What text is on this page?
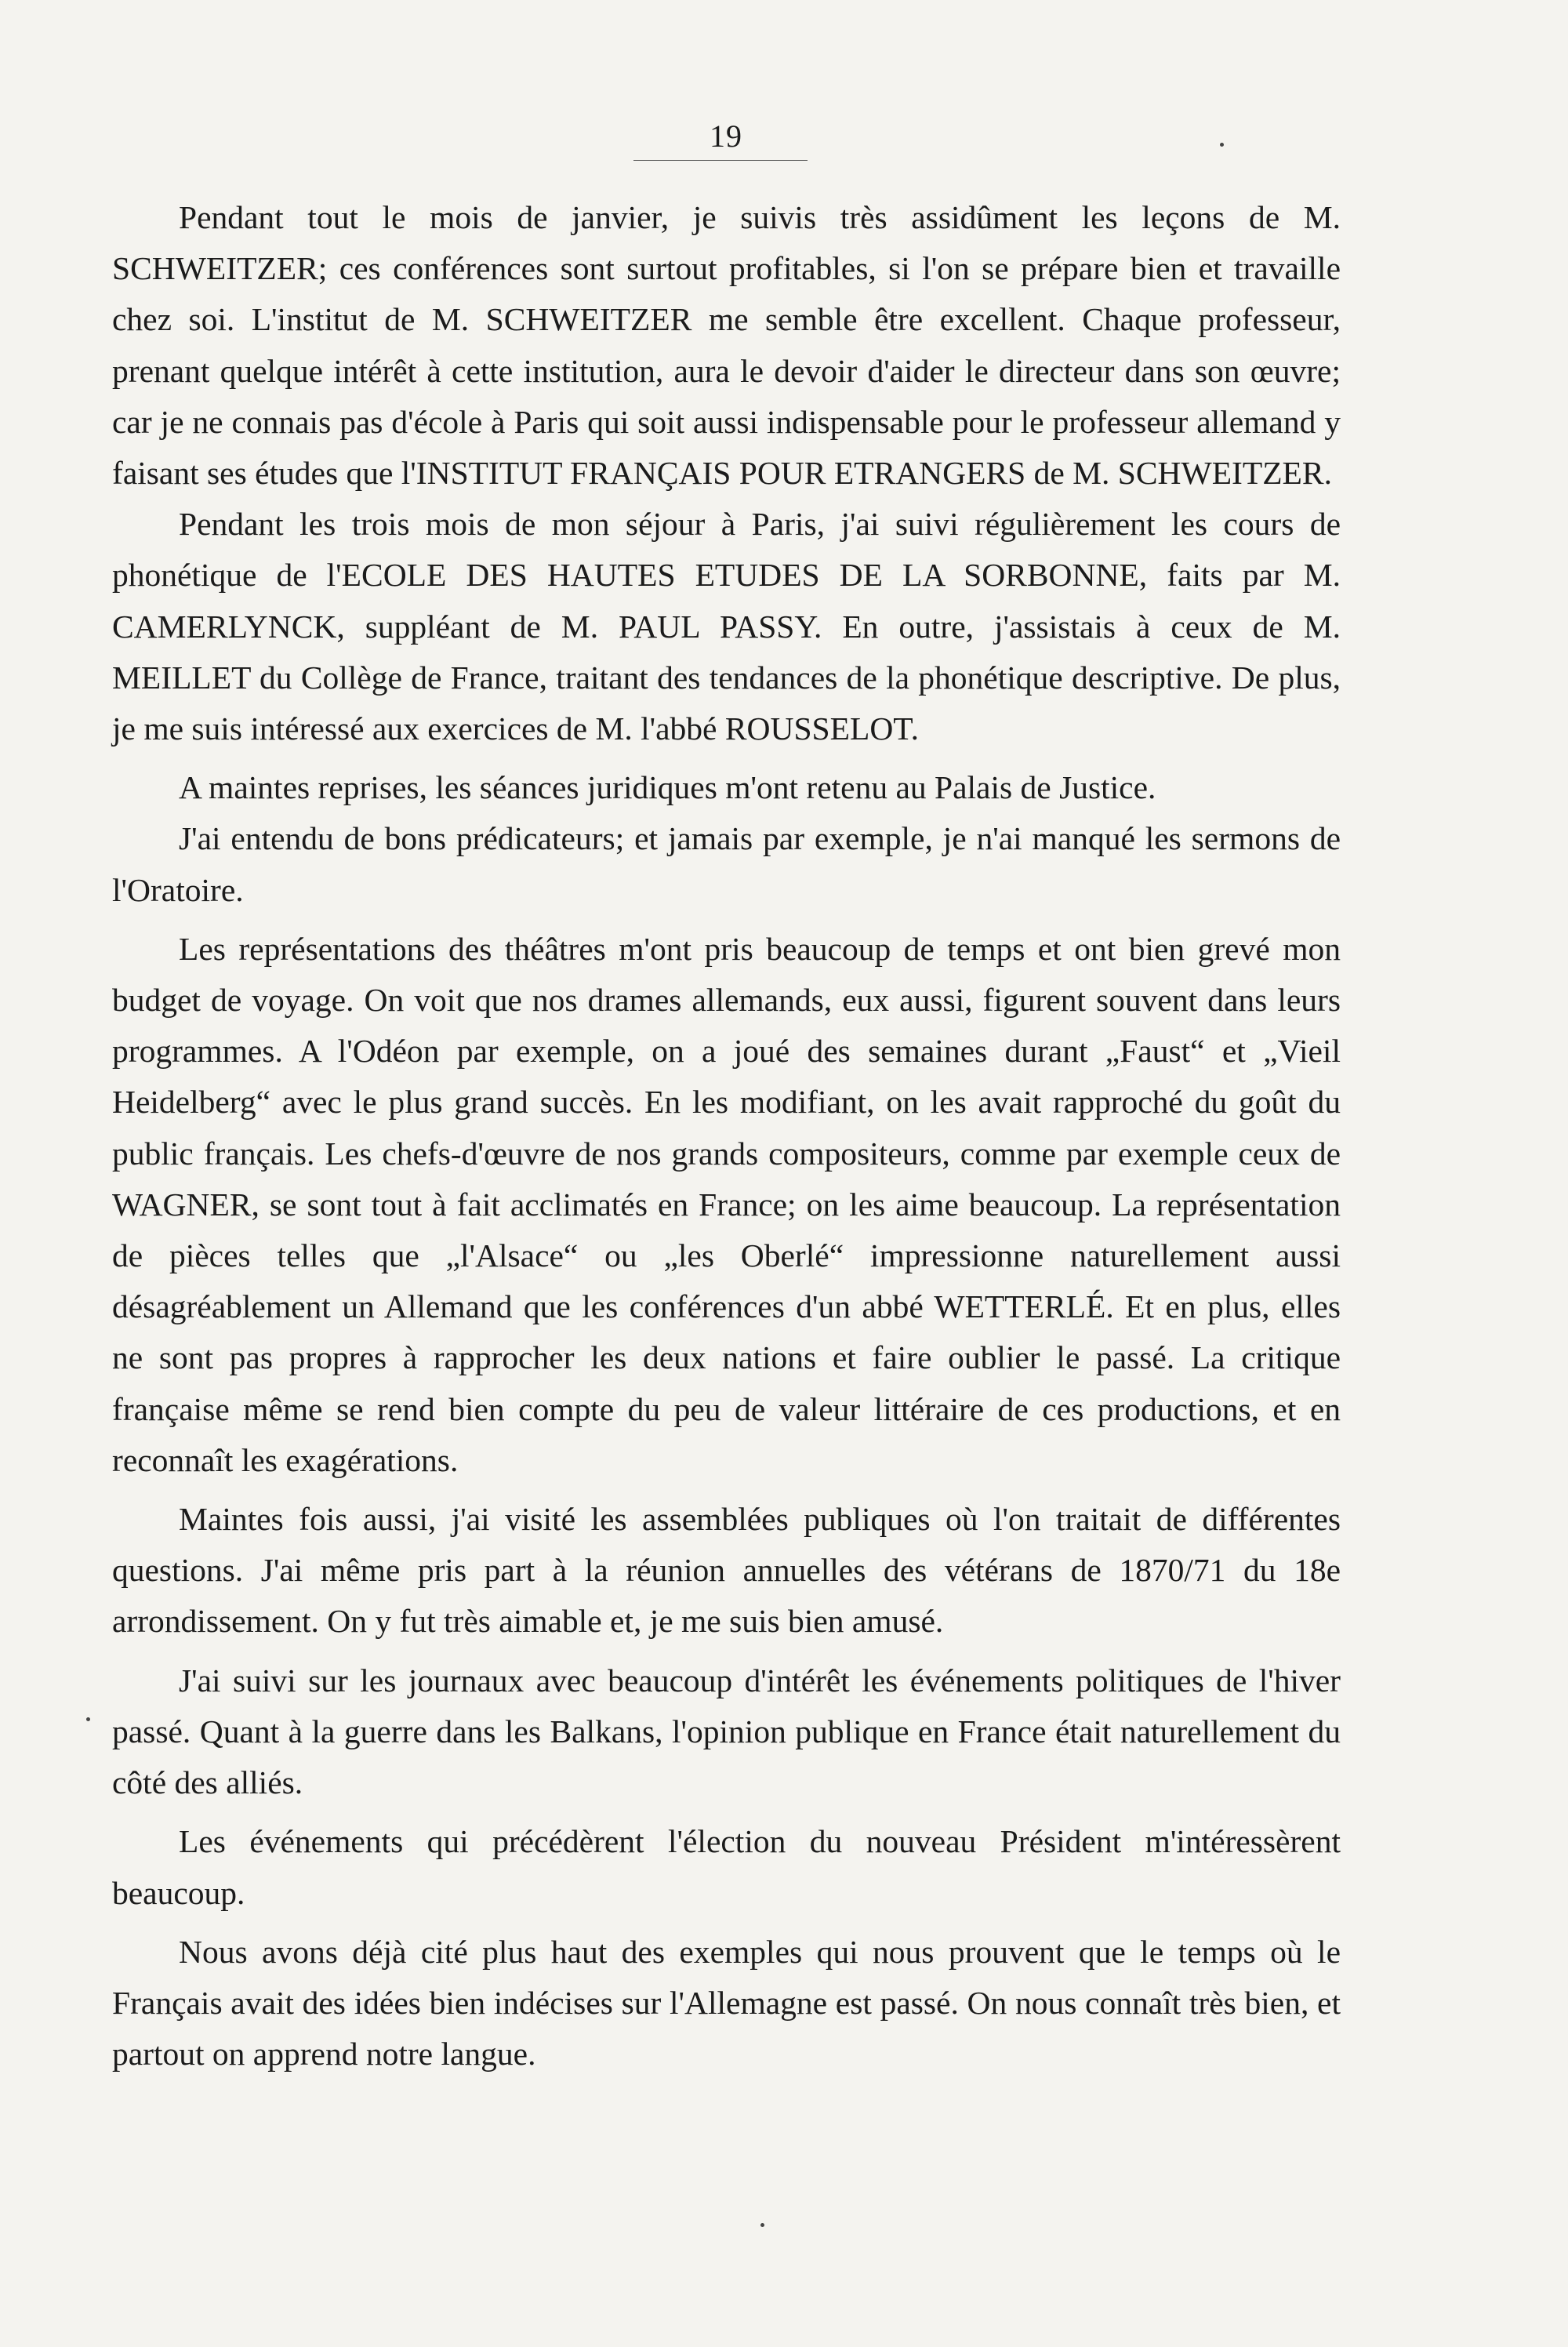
19

Pendant tout le mois de janvier, je suivis très assidûment les leçons de M. SCHWEITZER; ces conférences sont surtout profitables, si l'on se prépare bien et travaille chez soi. L'institut de M. SCHWEITZER me semble être excellent. Chaque professeur, prenant quelque intérêt à cette institution, aura le devoir d'aider le directeur dans son œuvre; car je ne connais pas d'école à Paris qui soit aussi indispensable pour le professeur allemand y faisant ses études que l'INSTITUT FRANÇAIS POUR ETRANGERS de M. SCHWEITZER.

Pendant les trois mois de mon séjour à Paris, j'ai suivi régulièrement les cours de phonétique de l'ECOLE DES HAUTES ETUDES DE LA SORBONNE, faits par M. CAMERLYNCK, suppléant de M. PAUL PASSY. En outre, j'assistais à ceux de M. MEILLET du Collège de France, traitant des tendances de la phonétique descriptive. De plus, je me suis intéressé aux exercices de M. l'abbé ROUSSELOT.

A maintes reprises, les séances juridiques m'ont retenu au Palais de Justice.

J'ai entendu de bons prédicateurs; et jamais par exemple, je n'ai manqué les sermons de l'Oratoire.

Les représentations des théâtres m'ont pris beaucoup de temps et ont bien grevé mon budget de voyage. On voit que nos drames allemands, eux aussi, figurent souvent dans leurs programmes. A l'Odéon par exemple, on a joué des semaines durant „Faust“ et „Vieil Heidelberg“ avec le plus grand succès. En les modifiant, on les avait rapproché du goût du public français. Les chefs-d'œuvre de nos grands compositeurs, comme par exemple ceux de WAGNER, se sont tout à fait acclimatés en France; on les aime beaucoup. La représentation de pièces telles que „l'Alsace“ ou „les Oberlé“ impressionne naturellement aussi désagréablement un Allemand que les conférences d'un abbé WETTERLÉ. Et en plus, elles ne sont pas propres à rapprocher les deux nations et faire oublier le passé. La critique française même se rend bien compte du peu de valeur littéraire de ces productions, et en reconnaît les exagérations.

Maintes fois aussi, j'ai visité les assemblées publiques où l'on traitait de différentes questions. J'ai même pris part à la réunion annuelles des vétérans de 1870/71 du 18e arrondissement. On y fut très aimable et, je me suis bien amusé.

J'ai suivi sur les journaux avec beaucoup d'intérêt les événements politiques de l'hiver passé. Quant à la guerre dans les Balkans, l'opinion publique en France était naturellement du côté des alliés.

Les événements qui précédèrent l'élection du nouveau Président m'intéressèrent beaucoup.

Nous avons déjà cité plus haut des exemples qui nous prouvent que le temps où le Français avait des idées bien indécises sur l'Allemagne est passé. On nous connaît très bien, et partout on apprend notre langue.
